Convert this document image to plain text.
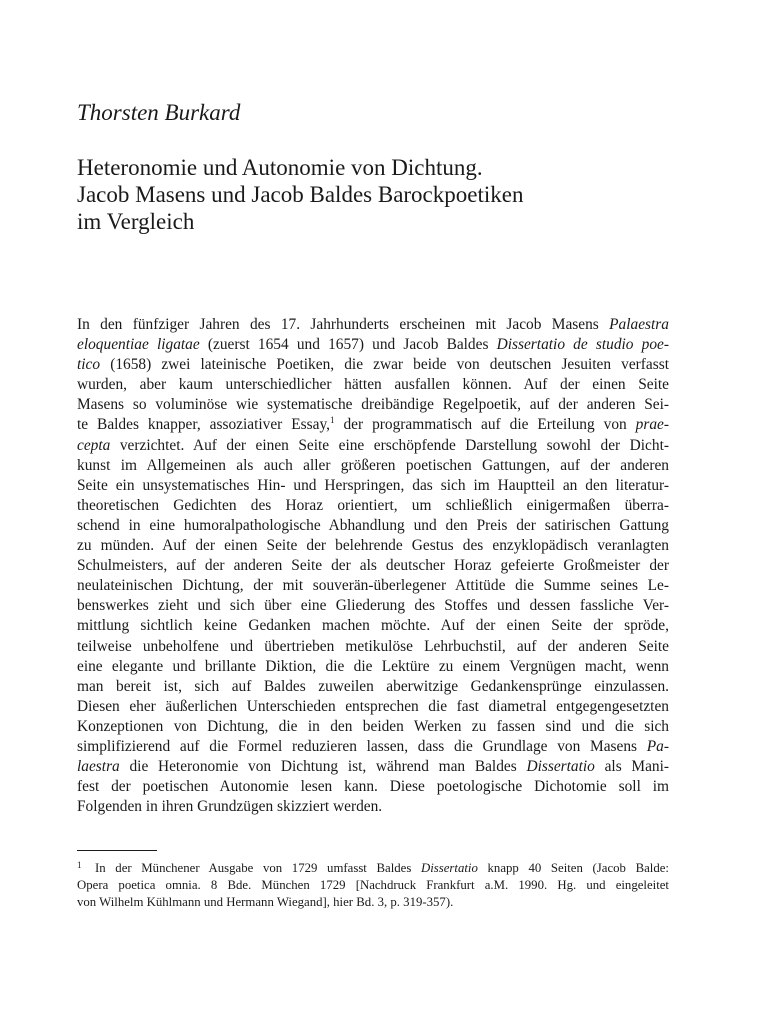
Thorsten Burkard
Heteronomie und Autonomie von Dichtung.
Jacob Masens und Jacob Baldes Barockpoetiken
im Vergleich
In den fünfziger Jahren des 17. Jahrhunderts erscheinen mit Jacob Masens Palaestra
eloquentiae ligatae (zuerst 1654 und 1657) und Jacob Baldes Dissertatio de studio poe-
tico (1658) zwei lateinische Poetiken, die zwar beide von deutschen Jesuiten verfasst
wurden, aber kaum unterschiedlicher hätten ausfallen können. Auf der einen Seite
Masens so voluminöse wie systematische dreibändige Regelpoetik, auf der anderen Sei-
te Baldes knapper, assoziativer Essay,$^1$ der programmatisch auf die Erteilung von prae-
cepta verzichtet. Auf der einen Seite eine erschöpfende Darstellung sowohl der Dicht-
kunst im Allgemeinen als auch aller größeren poetischen Gattungen, auf der anderen
Seite ein unsystematisches Hin- und Herspringen, das sich im Hauptteil an den literatur-
theoretischen Gedichten des Horaz orientiert, um schließlich einigermaßen überra-
schend in eine humoralpathologische Abhandlung und den Preis der satirischen Gattung
zu münden. Auf der einen Seite der belehrende Gestus des enzyklopädisch veranlagten
Schulmeisters, auf der anderen Seite der als deutscher Horaz gefeierte Großmeister der
neulateinischen Dichtung, der mit souverän-überlegener Attitüde die Summe seines Le-
benswerkes zieht und sich über eine Gliederung des Stoffes und dessen fassliche Ver-
mittlung sichtlich keine Gedanken machen möchte. Auf der einen Seite der spröde,
teilweise unbeholfene und übertrieben metikulöse Lehrbuchstil, auf der anderen Seite
eine elegante und brillante Diktion, die die Lektüre zu einem Vergnügen macht, wenn
man bereit ist, sich auf Baldes zuweilen aberwitzige Gedankensprünge einzulassen.
Diesen eher äußerlichen Unterschieden entsprechen die fast diametral entgegengesetzten
Konzeptionen von Dichtung, die in den beiden Werken zu fassen sind und die sich
simplifizierend auf die Formel reduzieren lassen, dass die Grundlage von Masens Pa-
laestra die Heteronomie von Dichtung ist, während man Baldes Dissertatio als Mani-
fest der poetischen Autonomie lesen kann. Diese poetologische Dichotomie soll im
Folgenden in ihren Grundzügen skizziert werden.
1 In der Münchener Ausgabe von 1729 umfasst Baldes Dissertatio knapp 40 Seiten (Jacob Balde:
Opera poetica omnia. 8 Bde. München 1729 [Nachdruck Frankfurt a.M. 1990. Hg. und eingeleitet
von Wilhelm Kühlmann und Hermann Wiegand], hier Bd. 3, p. 319-357).
